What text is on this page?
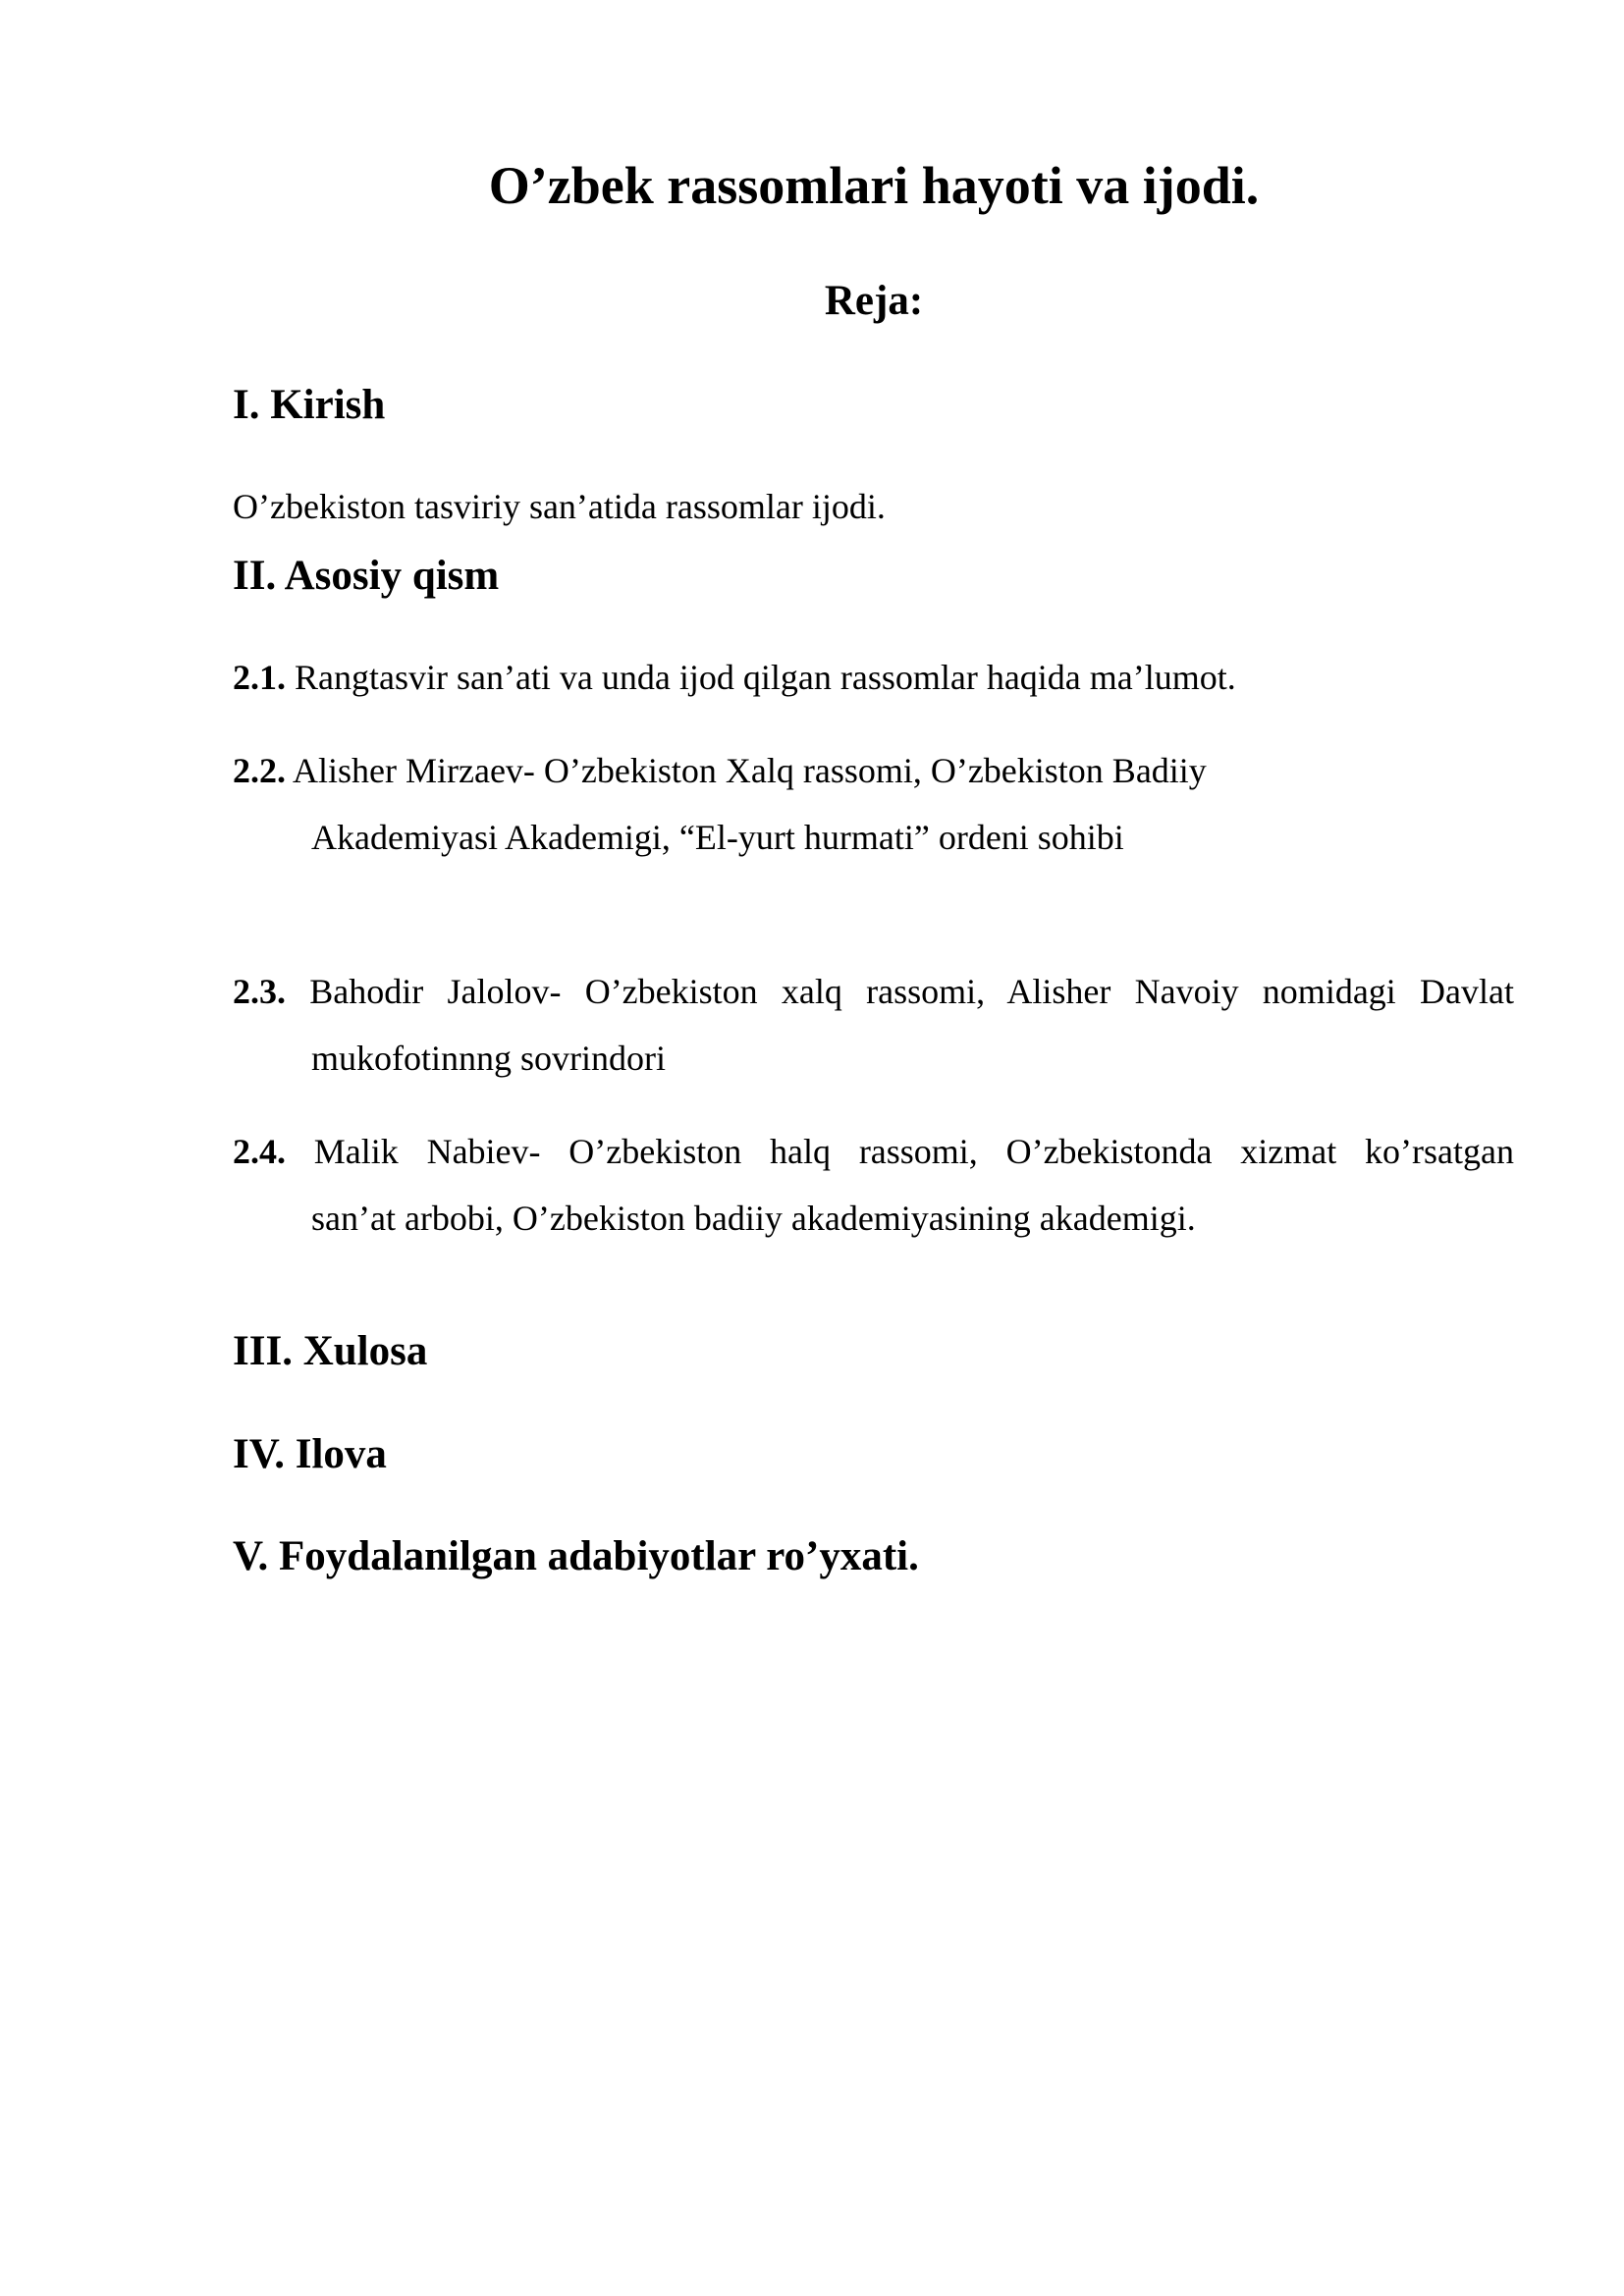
O’zbek rassomlari hayoti va ijodi.
Reja:
I. Kirish
O’zbekiston tasviriy san’atida rassomlar ijodi.
II. Asosiy qism
2.1. Rangtasvir san’ati va unda ijod qilgan rassomlar haqida ma’lumot.
2.2. Alisher Mirzaev- O’zbekiston Xalq rassomi, O’zbekiston Badiiy
Akademiyasi Akademigi, “El-yurt hurmati” ordeni sohibi
2.3. Bahodir Jalolov- O’zbekiston xalq rassomi, Alisher Navoiy nomidagi Davlat
mukofotinnng sovrindori
2.4. Malik Nabiev- O’zbekiston halq rassomi, O’zbekistonda xizmat ko’rsatgan
san’at arbobi, O’zbekiston badiiy akademiyasining akademigi.
III. Xulosa
IV. Ilova
V. Foydalanilgan adabiyotlar ro’yxati.
